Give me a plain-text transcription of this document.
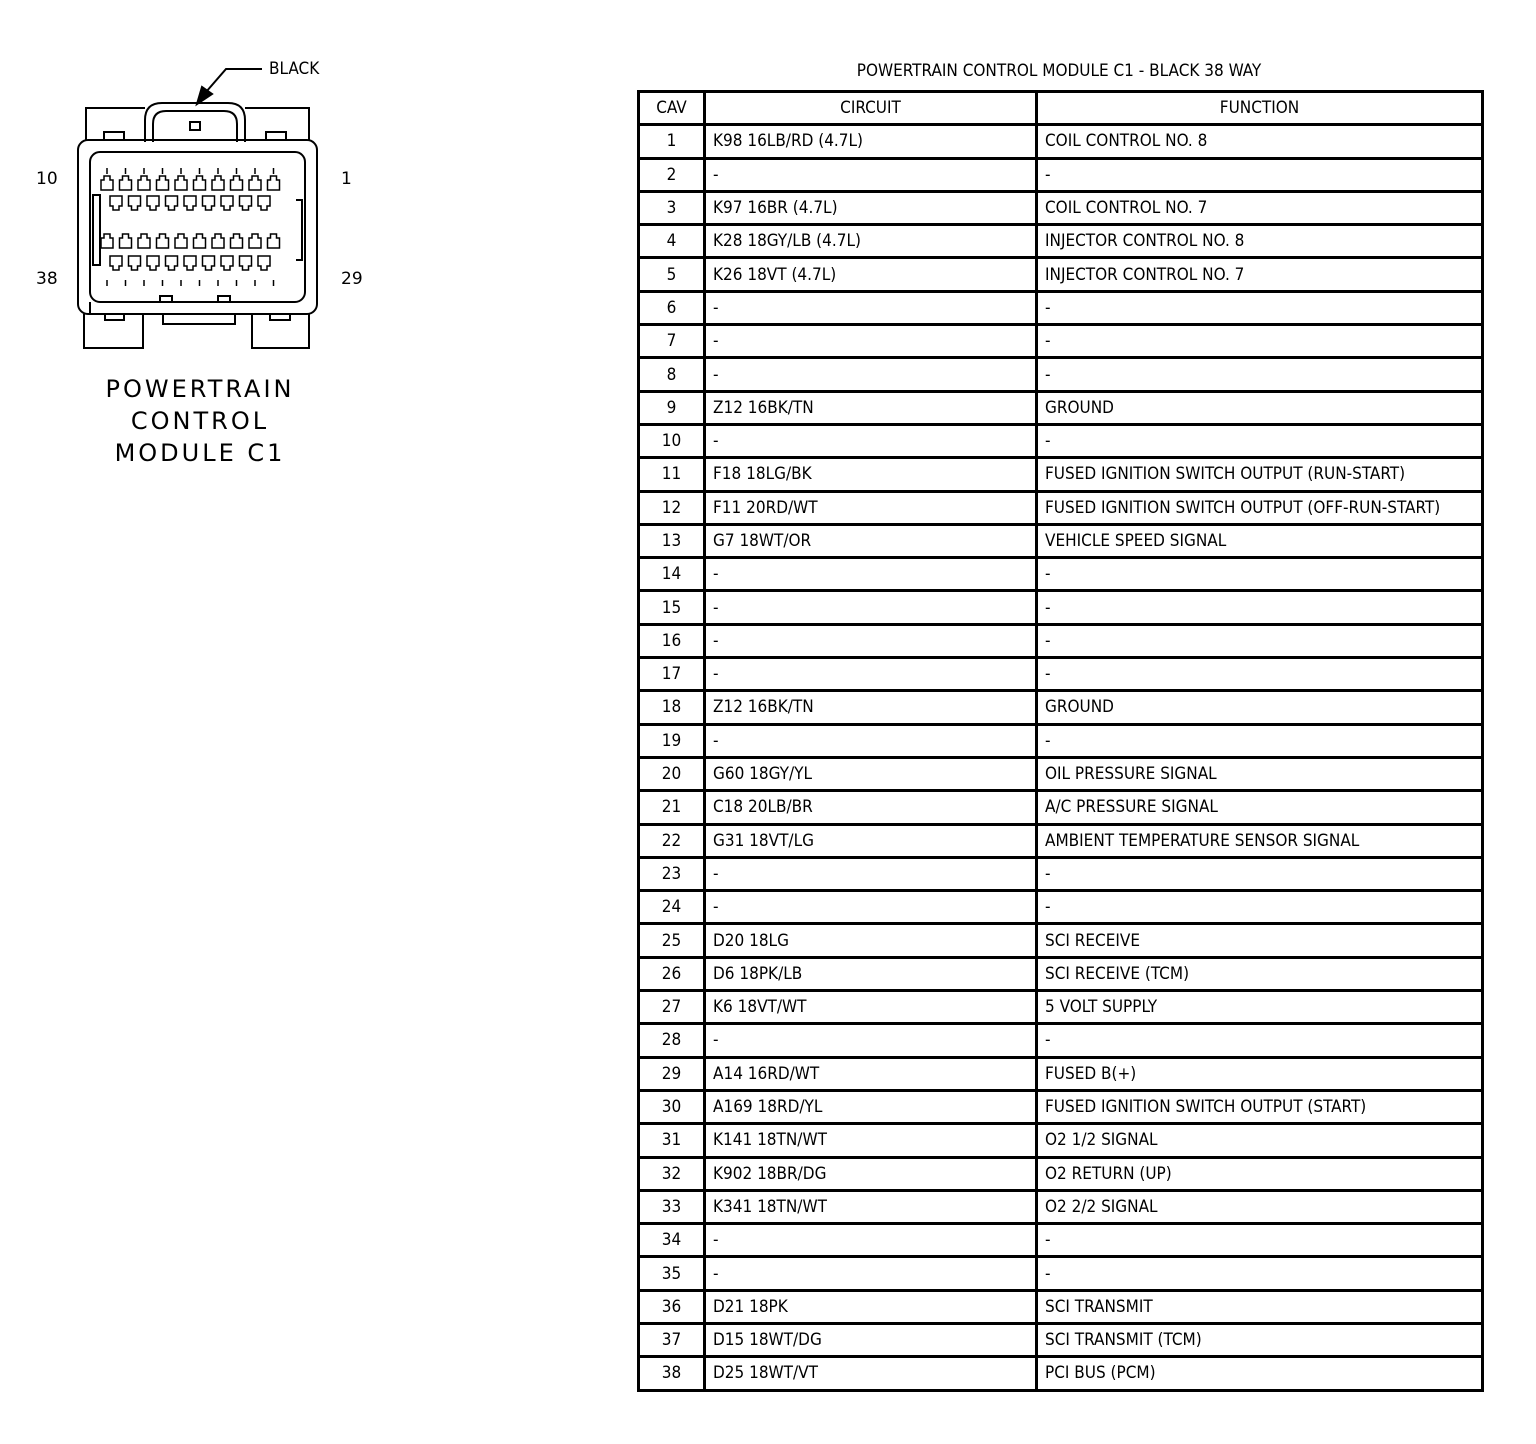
BLACK
10	1
38	29
POWERTRAIN
CONTROL
MODULE C1
POWERTRAIN CONTROL MODULE C1 - BLACK 38 WAY
CAV	CIRCUIT	FUNCTION
1	K98 16LB/RD (4.7L)	COIL CONTROL NO. 8
2	-	-
3	K97 16BR (4.7L)	COIL CONTROL NO. 7
4	K28 18GY/LB (4.7L)	INJECTOR CONTROL NO. 8
5	K26 18VT (4.7L)	INJECTOR CONTROL NO. 7
6	-	-
7	-	-
8	-	-
9	Z12 16BK/TN	GROUND
10	-	-
11	F18 18LG/BK	FUSED IGNITION SWITCH OUTPUT (RUN-START)
12	F11 20RD/WT	FUSED IGNITION SWITCH OUTPUT (OFF-RUN-START)
13	G7 18WT/OR	VEHICLE SPEED SIGNAL
14	-	-
15	-	-
16	-	-
17	-	-
18	Z12 16BK/TN	GROUND
19	-	-
20	G60 18GY/YL	OIL PRESSURE SIGNAL
21	C18 20LB/BR	A/C PRESSURE SIGNAL
22	G31 18VT/LG	AMBIENT TEMPERATURE SENSOR SIGNAL
23	-	-
24	-	-
25	D20 18LG	SCI RECEIVE
26	D6 18PK/LB	SCI RECEIVE (TCM)
27	K6 18VT/WT	5 VOLT SUPPLY
28	-	-
29	A14 16RD/WT	FUSED B(+)
30	A169 18RD/YL	FUSED IGNITION SWITCH OUTPUT (START)
31	K141 18TN/WT	O2 1/2 SIGNAL
32	K902 18BR/DG	O2 RETURN (UP)
33	K341 18TN/WT	O2 2/2 SIGNAL
34	-	-
35	-	-
36	D21 18PK	SCI TRANSMIT
37	D15 18WT/DG	SCI TRANSMIT (TCM)
38	D25 18WT/VT	PCI BUS (PCM)
